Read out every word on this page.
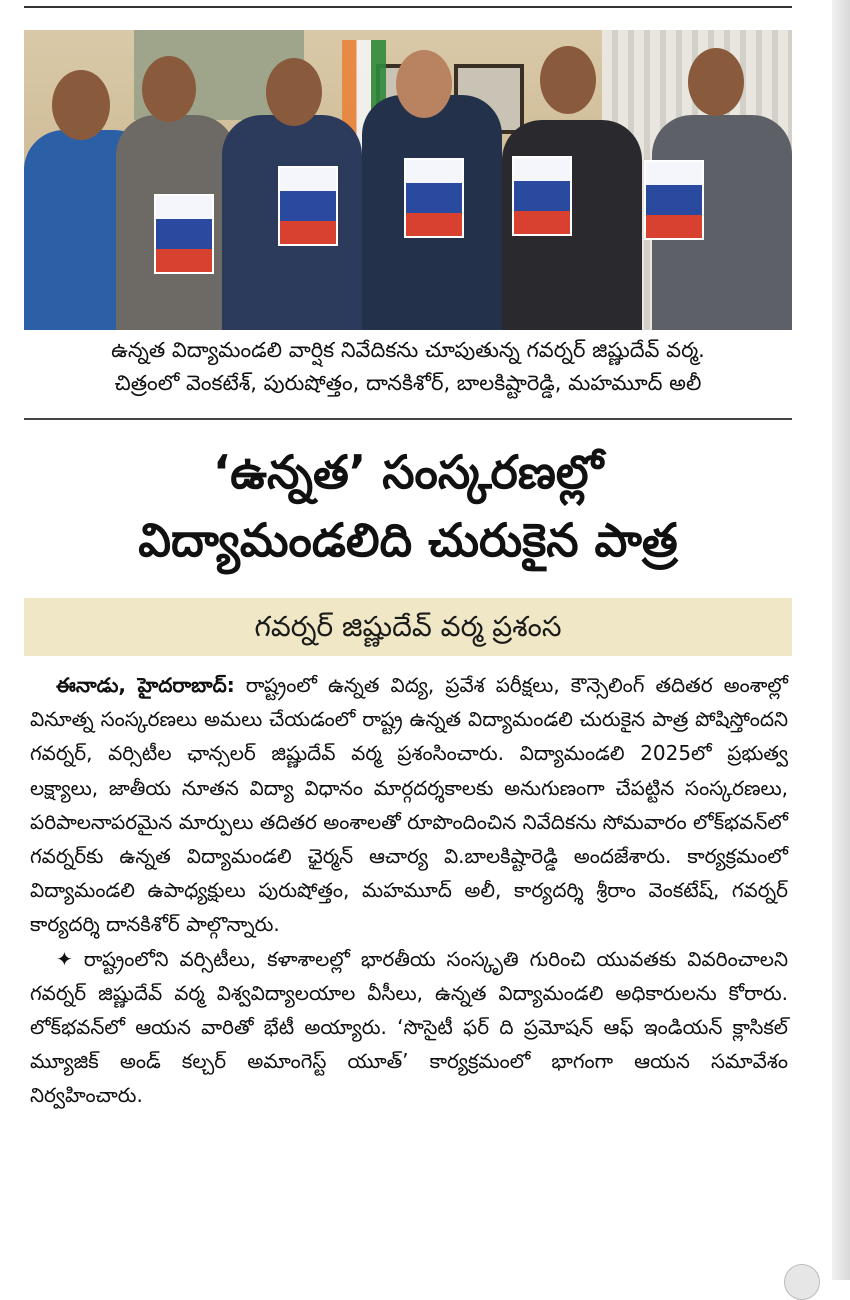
ఉన్నత విద్యామండలి వార్షిక నివేదికను చూపుతున్న గవర్నర్ జిష్ణుదేవ్ వర్మ.
చిత్రంలో వెంకటేశ్, పురుషోత్తం, దానకిశోర్, బాలకిష్టారెడ్డి, మహమూద్ అలీ
‘ఉన్నత’ సంస్కరణల్లో
విద్యామండలిది చురుకైన పాత్ర
గవర్నర్ జిష్ణుదేవ్ వర్మ ప్రశంస

ఈనాడు, హైదరాబాద్: రాష్ట్రంలో ఉన్నత విద్య, ప్రవేశ పరీక్షలు, కౌన్సెలింగ్ తదితర అంశాల్లో వినూత్న సంస్కరణలు అమలు చేయడంలో రాష్ట్ర ఉన్నత విద్యామండలి చురుకైన పాత్ర పోషిస్తోందని గవర్నర్, వర్సిటీల ఛాన్సలర్ జిష్ణుదేవ్ వర్మ ప్రశంసించారు. విద్యామండలి 2025లో ప్రభుత్వ లక్ష్యాలు, జాతీయ నూతన విద్యా విధానం మార్గదర్శకాలకు అనుగుణంగా చేపట్టిన సంస్కరణలు, పరిపాలనాపరమైన మార్పులు తదితర అంశాలతో రూపొందించిన నివేదికను సోమవారం లోక్‌భవన్‌లో గవర్నర్‌కు ఉన్నత విద్యామండలి ఛైర్మన్ ఆచార్య వి.బాలకిష్టారెడ్డి అందజేశారు. కార్యక్రమంలో విద్యామండలి ఉపాధ్యక్షులు పురుషోత్తం, మహమూద్ అలీ, కార్యదర్శి శ్రీరాం వెంకటేష్, గవర్నర్ కార్యదర్శి దానకిశోర్ పాల్గొన్నారు.

✦ రాష్ట్రంలోని వర్సిటీలు, కళాశాలల్లో భారతీయ సంస్కృతి గురించి యువతకు వివరించాలని గవర్నర్ జిష్ణుదేవ్ వర్మ విశ్వవిద్యాలయాల వీసీలు, ఉన్నత విద్యామండలి అధికారులను కోరారు. లోక్‌భవన్‌లో ఆయన వారితో భేటీ అయ్యారు. ‘సొసైటీ ఫర్ ది ప్రమోషన్ ఆఫ్ ఇండియన్ క్లాసికల్ మ్యూజిక్ అండ్ కల్చర్ అమాంగెస్ట్ యూత్’ కార్యక్రమంలో భాగంగా ఆయన సమావేశం నిర్వహించారు.
